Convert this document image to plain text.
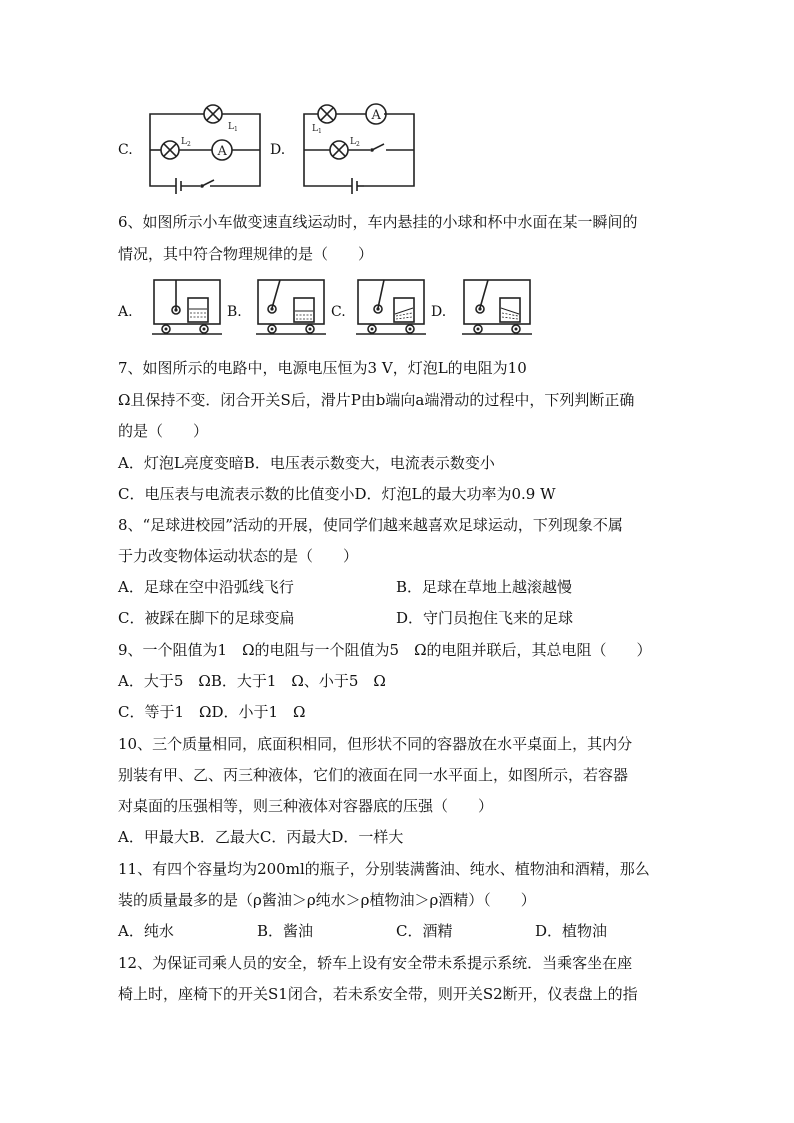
C.
$L_1$
$L_2$ A	D.
$L_1$
A
$L_2$
6、如图所示小车做变速直线运动时，车内悬挂的小球和杯中水面在某一瞬间的
情况，其中符合物理规律的是（　　）
A.	B.	C.	D.
7、如图所示的电路中，电源电压恒为3 V，灯泡L的电阻为10
Ω且保持不变．闭合开关S后，滑片P由b端向a端滑动的过程中，下列判断正确
的是（　　）
A．灯泡L亮度变暗B．电压表示数变大，电流表示数变小
C．电压表与电流表示数的比值变小D．灯泡L的最大功率为0.9 W
8、“足球进校园”活动的开展，使同学们越来越喜欢足球运动，下列现象不属
于力改变物体运动状态的是（　　）
A．足球在空中沿弧线飞行	B．足球在草地上越滚越慢
C．被踩在脚下的足球变扁	D．守门员抱住飞来的足球
9、一个阻值为1　Ω的电阻与一个阻值为5　Ω的电阻并联后，其总电阻（　　）
A．大于5　ΩB．大于1　Ω、小于5　Ω
C．等于1　ΩD．小于1　Ω
10、三个质量相同，底面积相同，但形状不同的容器放在水平桌面上，其内分
别装有甲、乙、丙三种液体，它们的液面在同一水平面上，如图所示，若容器
对桌面的压强相等，则三种液体对容器底的压强（　　）
A．甲最大B．乙最大C．丙最大D．一样大
11、有四个容量均为200ml的瓶子，分别装满酱油、纯水、植物油和酒精，那么
装的质量最多的是（ρ酱油＞ρ纯水＞ρ植物油＞ρ酒精）（　　）
A．纯水	B．酱油	C．酒精	D．植物油
12、为保证司乘人员的安全，轿车上设有安全带未系提示系统．当乘客坐在座
椅上时，座椅下的开关S1闭合，若未系安全带，则开关S2断开，仪表盘上的指
